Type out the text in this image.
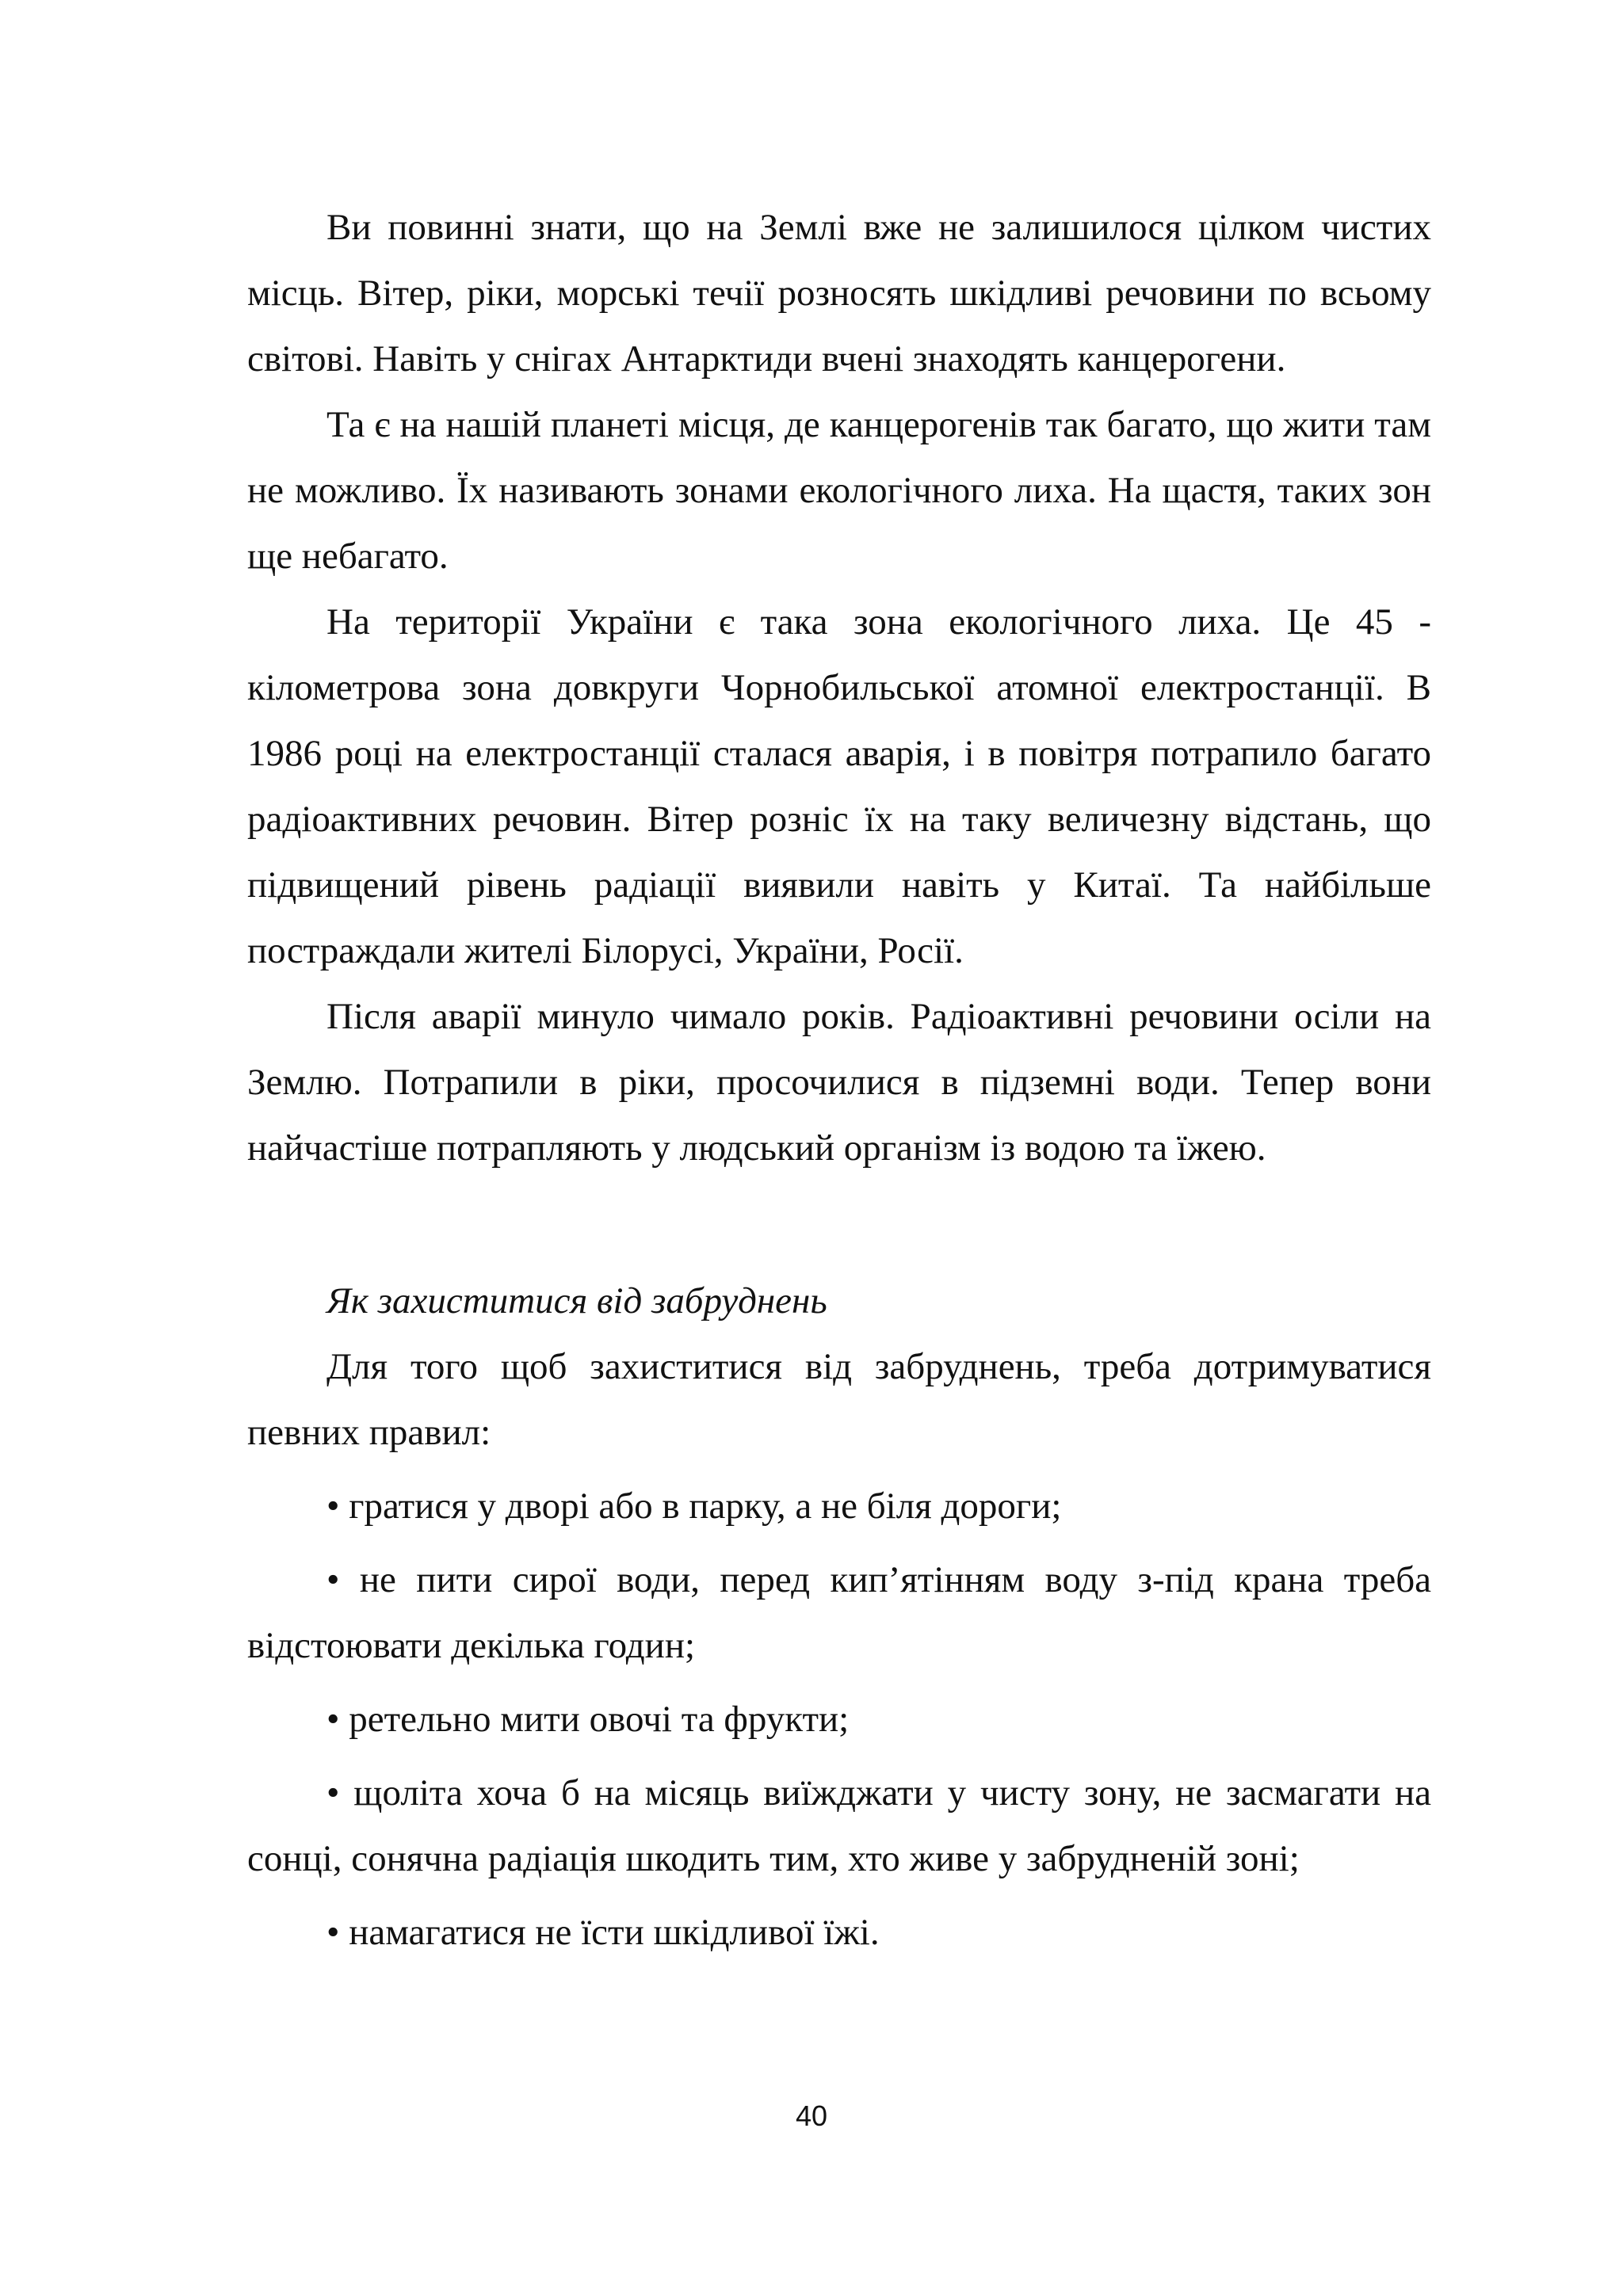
Ви повинні знати, що на Землі вже не залишилося цілком чистих місць. Вітер, ріки, морські течії розносять шкідливі речовини по всьому світові. Навіть у снігах Антарктиди вчені знаходять канцерогени.

Та є на нашій планеті місця, де канцерогенів так багато, що жити там не можливо. Їх називають зонами екологічного лиха. На щастя, таких зон ще небагато.

На території України є така зона екологічного лиха. Це 45 - кілометрова зона довкруги Чорнобильської атомної електростанції. В 1986 році на електростанції сталася аварія, і в повітря потрапило багато радіоактивних речовин. Вітер розніс їх на таку величезну відстань, що підвищений рівень радіації виявили навіть у Китаї. Та найбільше постраждали жителі Білорусі, України, Росії.

Після аварії минуло чимало років. Радіоактивні речовини осіли на Землю. Потрапили в ріки, просочилися в підземні води. Тепер вони найчастіше потрапляють у людський організм із водою та їжею.

Як захиститися від забруднень

Для того щоб захиститися від забруднень, треба дотримуватися певних правил:

• гратися у дворі або в парку, а не біля дороги;

• не пити сирої води, перед кип’ятінням воду з-під крана треба відстоювати декілька годин;

• ретельно мити овочі та фрукти;

• щоліта хоча б на місяць виїжджати у чисту зону, не засмагати на сонці, сонячна радіація шкодить тим, хто живе у забрудненій зоні;

• намагатися не їсти шкідливої їжі.

40
